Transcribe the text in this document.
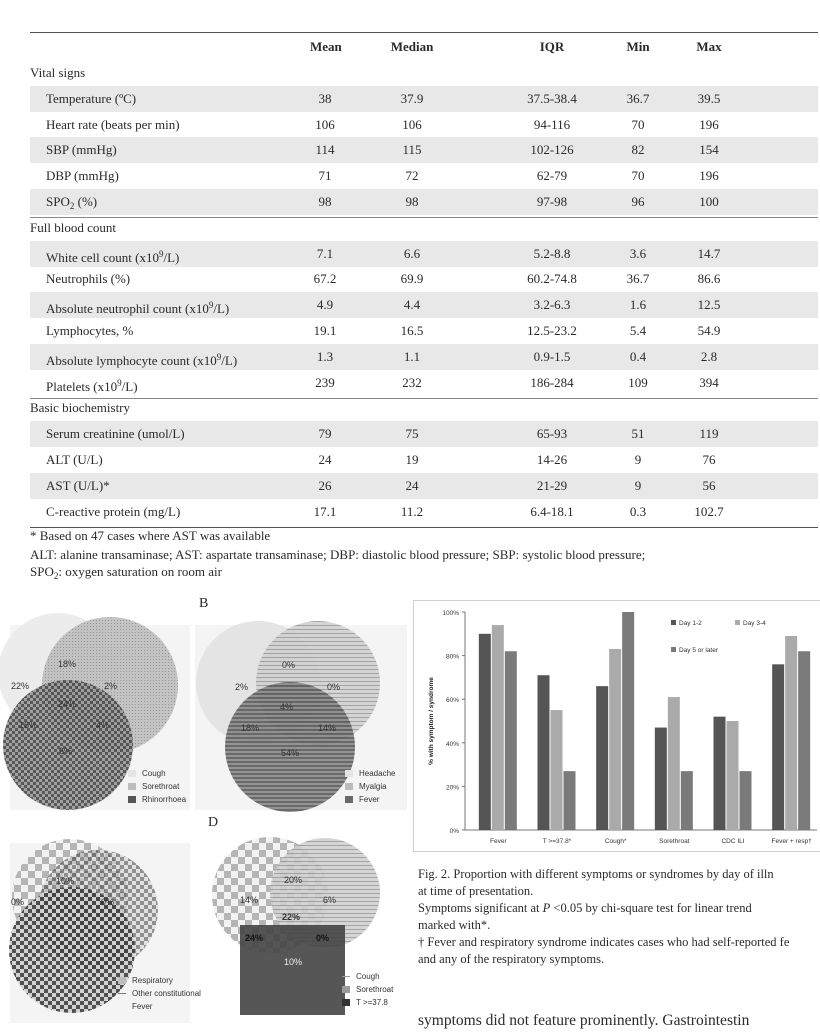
Mean	Median	IQR	Min	Max
Vital signs
Temperature (ºC)	38	37.9	37.5-38.4	36.7	39.5
Heart rate (beats per min)	106	106	94-116	70	196
SBP (mmHg)	114	115	102-126	82	154
DBP (mmHg)	71	72	62-79	70	196
$SPO_2$ (%)	98	98	97-98	96	100
Full blood count
White cell count $(x10^9/L)$	7.1	6.6	5.2-8.8	3.6	14.7
Neutrophils (%)	67.2	69.9	60.2-74.8	36.7	86.6
Absolute neutrophil count $(x10^9/L)$	4.9	4.4	3.2-6.3	1.6	12.5
Lymphocytes, %	19.1	16.5	12.5-23.2	5.4	54.9
Absolute lymphocyte count $(x10^9/L)$	1.3	1.1	0.9-1.5	0.4	2.8
Platelets $(x10^9/L)$	239	232	186-284	109	394
Basic biochemistry
Serum creatinine (umol/L)	79	75	65-93	51	119
ALT (U/L)	24	19	14-26	9	76
AST (U/L)*	26	24	21-29	9	56
C-reactive protein (mg/L)	17.1	11.2	6.4-18.1	0.3	102.7
* Based on 47 cases where AST was available
ALT: alanine transaminase; AST: aspartate transaminase; DBP: diastolic blood pressure; SBP: systolic blood pressure;
$SPO_2$: oxygen saturation on room air
B
D
18%
22%	2%
24%
16%	4%
6%
0%
2%	0%
4%
18%	14%
54%
10%
0%	0%
20%
14%	6%
22%
24%	0%
10%
Cough
Sorethroat
Rhinorrhoea
Headache
Myalgia
Fever
Respiratory
Other constitutional
Fever
Cough
Sorethroat
T >=37.8
0%
20%
40%
60%
80%
100%
% with symptom / syndrome
Fever	T >=37.8*	Cough*	Sorethroat	CDC ILI	Fever + resp†
Day 1-2	Day 3-4
Day 5 or later

Fig. 2. Proportion with different symptoms or syndromes by day of illn

at time of presentation.

Symptoms significant at P <0.05 by chi-square test for linear trend

marked with*.

† Fever and respiratory syndrome indicates cases who had self-reported fe

and any of the respiratory symptoms.

symptoms did not feature prominently. Gastrointestin
